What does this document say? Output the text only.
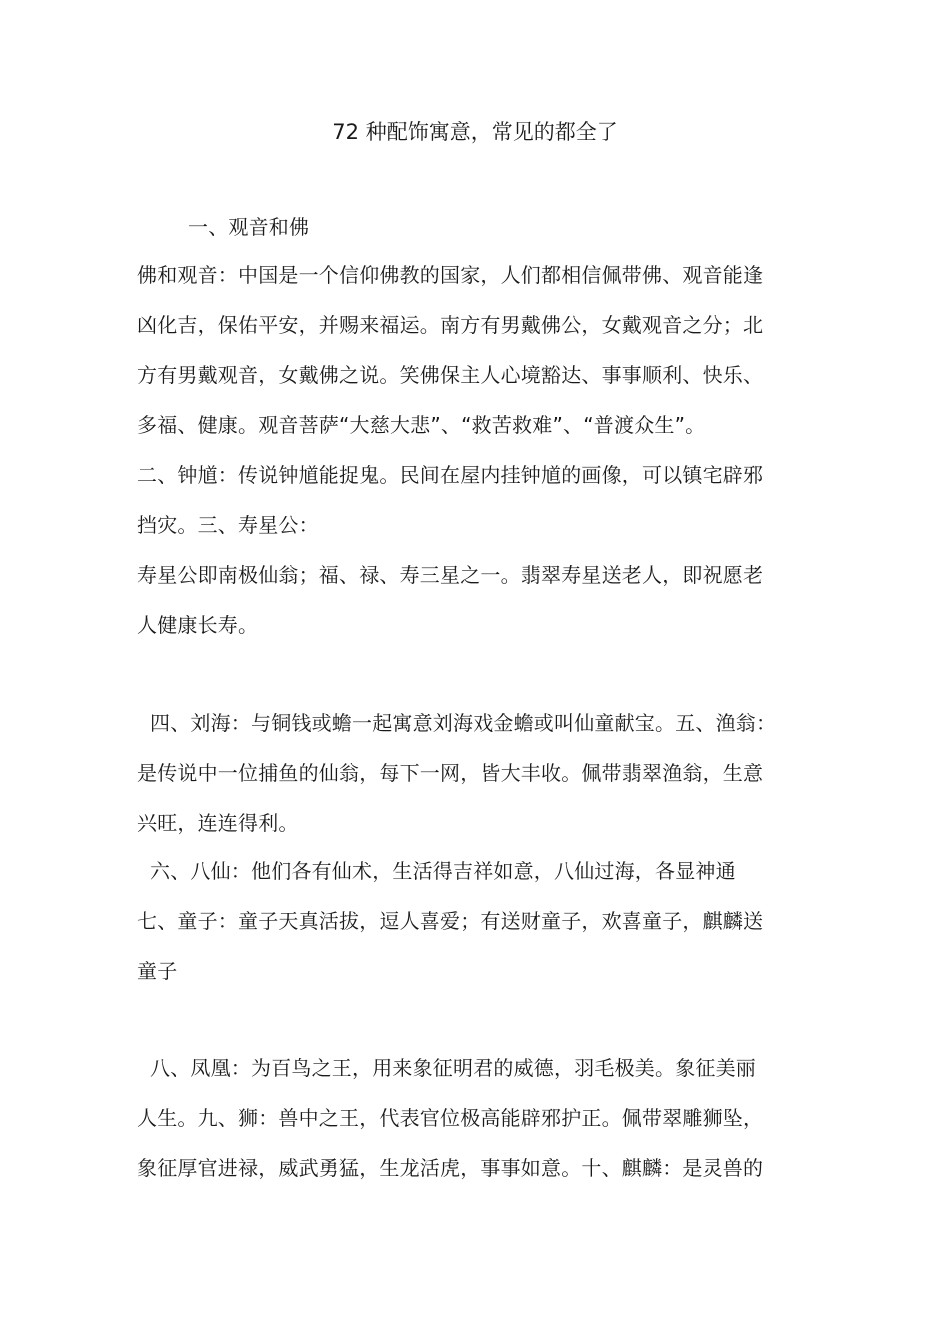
72 种配饰寓意，常见的都全了
一、观音和佛
佛和观音：中国是一个信仰佛教的国家，人们都相信佩带佛、观音能逢
凶化吉，保佑平安，并赐来福运。南方有男戴佛公，女戴观音之分；北
方有男戴观音，女戴佛之说。笑佛保主人心境豁达、事事顺利、快乐、
多福、健康。观音菩萨“大慈大悲”、“救苦救难”、“普渡众生”。
二、钟馗：传说钟馗能捉鬼。民间在屋内挂钟馗的画像，可以镇宅辟邪
挡灾。三、寿星公：
寿星公即南极仙翁；福、禄、寿三星之一。翡翠寿星送老人，即祝愿老
人健康长寿。
四、刘海：与铜钱或蟾一起寓意刘海戏金蟾或叫仙童献宝。五、渔翁：
是传说中一位捕鱼的仙翁，每下一网，皆大丰收。佩带翡翠渔翁，生意
兴旺，连连得利。
六、八仙：他们各有仙术，生活得吉祥如意，八仙过海，各显神通
七、童子：童子天真活拔，逗人喜爱；有送财童子，欢喜童子，麒麟送
童子
八、凤凰：为百鸟之王，用来象征明君的威德，羽毛极美。象征美丽
人生。九、狮：兽中之王，代表官位极高能辟邪护正。佩带翠雕狮坠，
象征厚官进禄，威武勇猛，生龙活虎，事事如意。十、麒麟：是灵兽的
